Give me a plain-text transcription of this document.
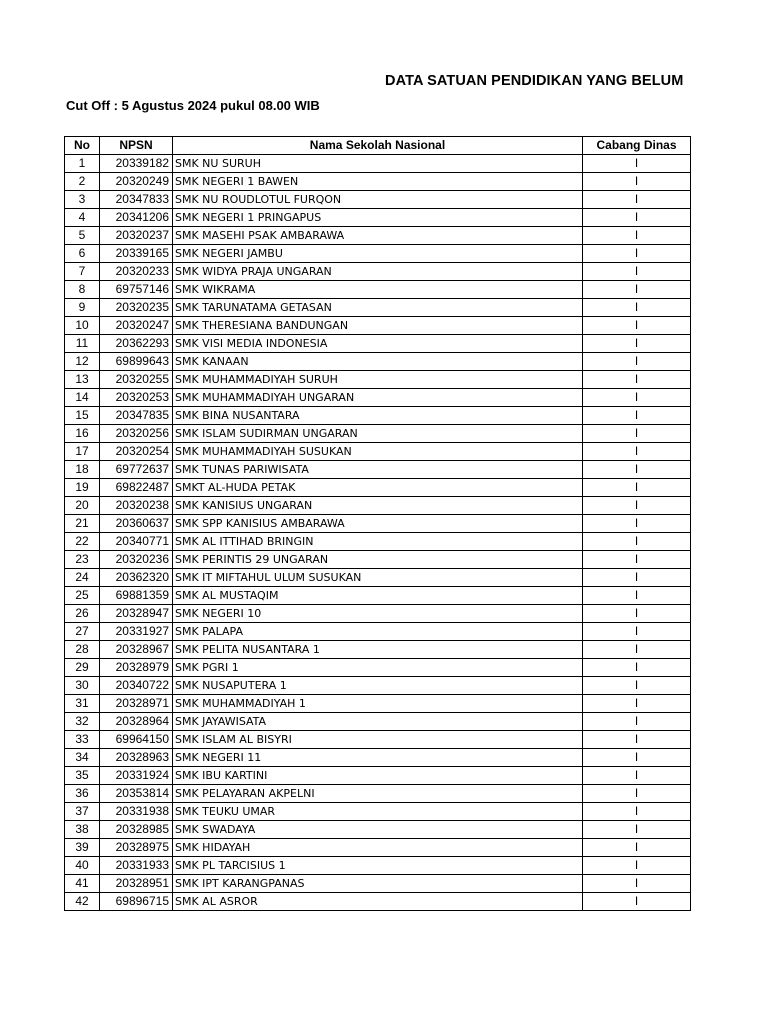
DATA SATUAN PENDIDIKAN YANG BELUM
Cut Off : 5 Agustus 2024 pukul 08.00 WIB
No	NPSN	Nama Sekolah Nasional	Cabang Dinas
1	20339182	SMK NU SURUH	I
2	20320249	SMK NEGERI 1 BAWEN	I
3	20347833	SMK NU ROUDLOTUL FURQON	I
4	20341206	SMK NEGERI 1 PRINGAPUS	I
5	20320237	SMK MASEHI PSAK AMBARAWA	I
6	20339165	SMK NEGERI JAMBU	I
7	20320233	SMK WIDYA PRAJA UNGARAN	I
8	69757146	SMK WIKRAMA	I
9	20320235	SMK TARUNATAMA GETASAN	I
10	20320247	SMK THERESIANA BANDUNGAN	I
11	20362293	SMK VISI MEDIA INDONESIA	I
12	69899643	SMK KANAAN	I
13	20320255	SMK MUHAMMADIYAH SURUH	I
14	20320253	SMK MUHAMMADIYAH UNGARAN	I
15	20347835	SMK BINA NUSANTARA	I
16	20320256	SMK ISLAM SUDIRMAN UNGARAN	I
17	20320254	SMK MUHAMMADIYAH SUSUKAN	I
18	69772637	SMK TUNAS PARIWISATA	I
19	69822487	SMKT AL-HUDA PETAK	I
20	20320238	SMK KANISIUS UNGARAN	I
21	20360637	SMK SPP KANISIUS AMBARAWA	I
22	20340771	SMK AL ITTIHAD BRINGIN	I
23	20320236	SMK PERINTIS 29 UNGARAN	I
24	20362320	SMK IT MIFTAHUL ULUM SUSUKAN	I
25	69881359	SMK AL MUSTAQIM	I
26	20328947	SMK NEGERI 10	I
27	20331927	SMK PALAPA	I
28	20328967	SMK PELITA NUSANTARA 1	I
29	20328979	SMK PGRI 1	I
30	20340722	SMK NUSAPUTERA 1	I
31	20328971	SMK MUHAMMADIYAH 1	I
32	20328964	SMK JAYAWISATA	I
33	69964150	SMK ISLAM AL BISYRI	I
34	20328963	SMK NEGERI 11	I
35	20331924	SMK IBU KARTINI	I
36	20353814	SMK PELAYARAN AKPELNI	I
37	20331938	SMK TEUKU UMAR	I
38	20328985	SMK SWADAYA	I
39	20328975	SMK HIDAYAH	I
40	20331933	SMK PL TARCISIUS 1	I
41	20328951	SMK IPT KARANGPANAS	I
42	69896715	SMK AL ASROR	I
